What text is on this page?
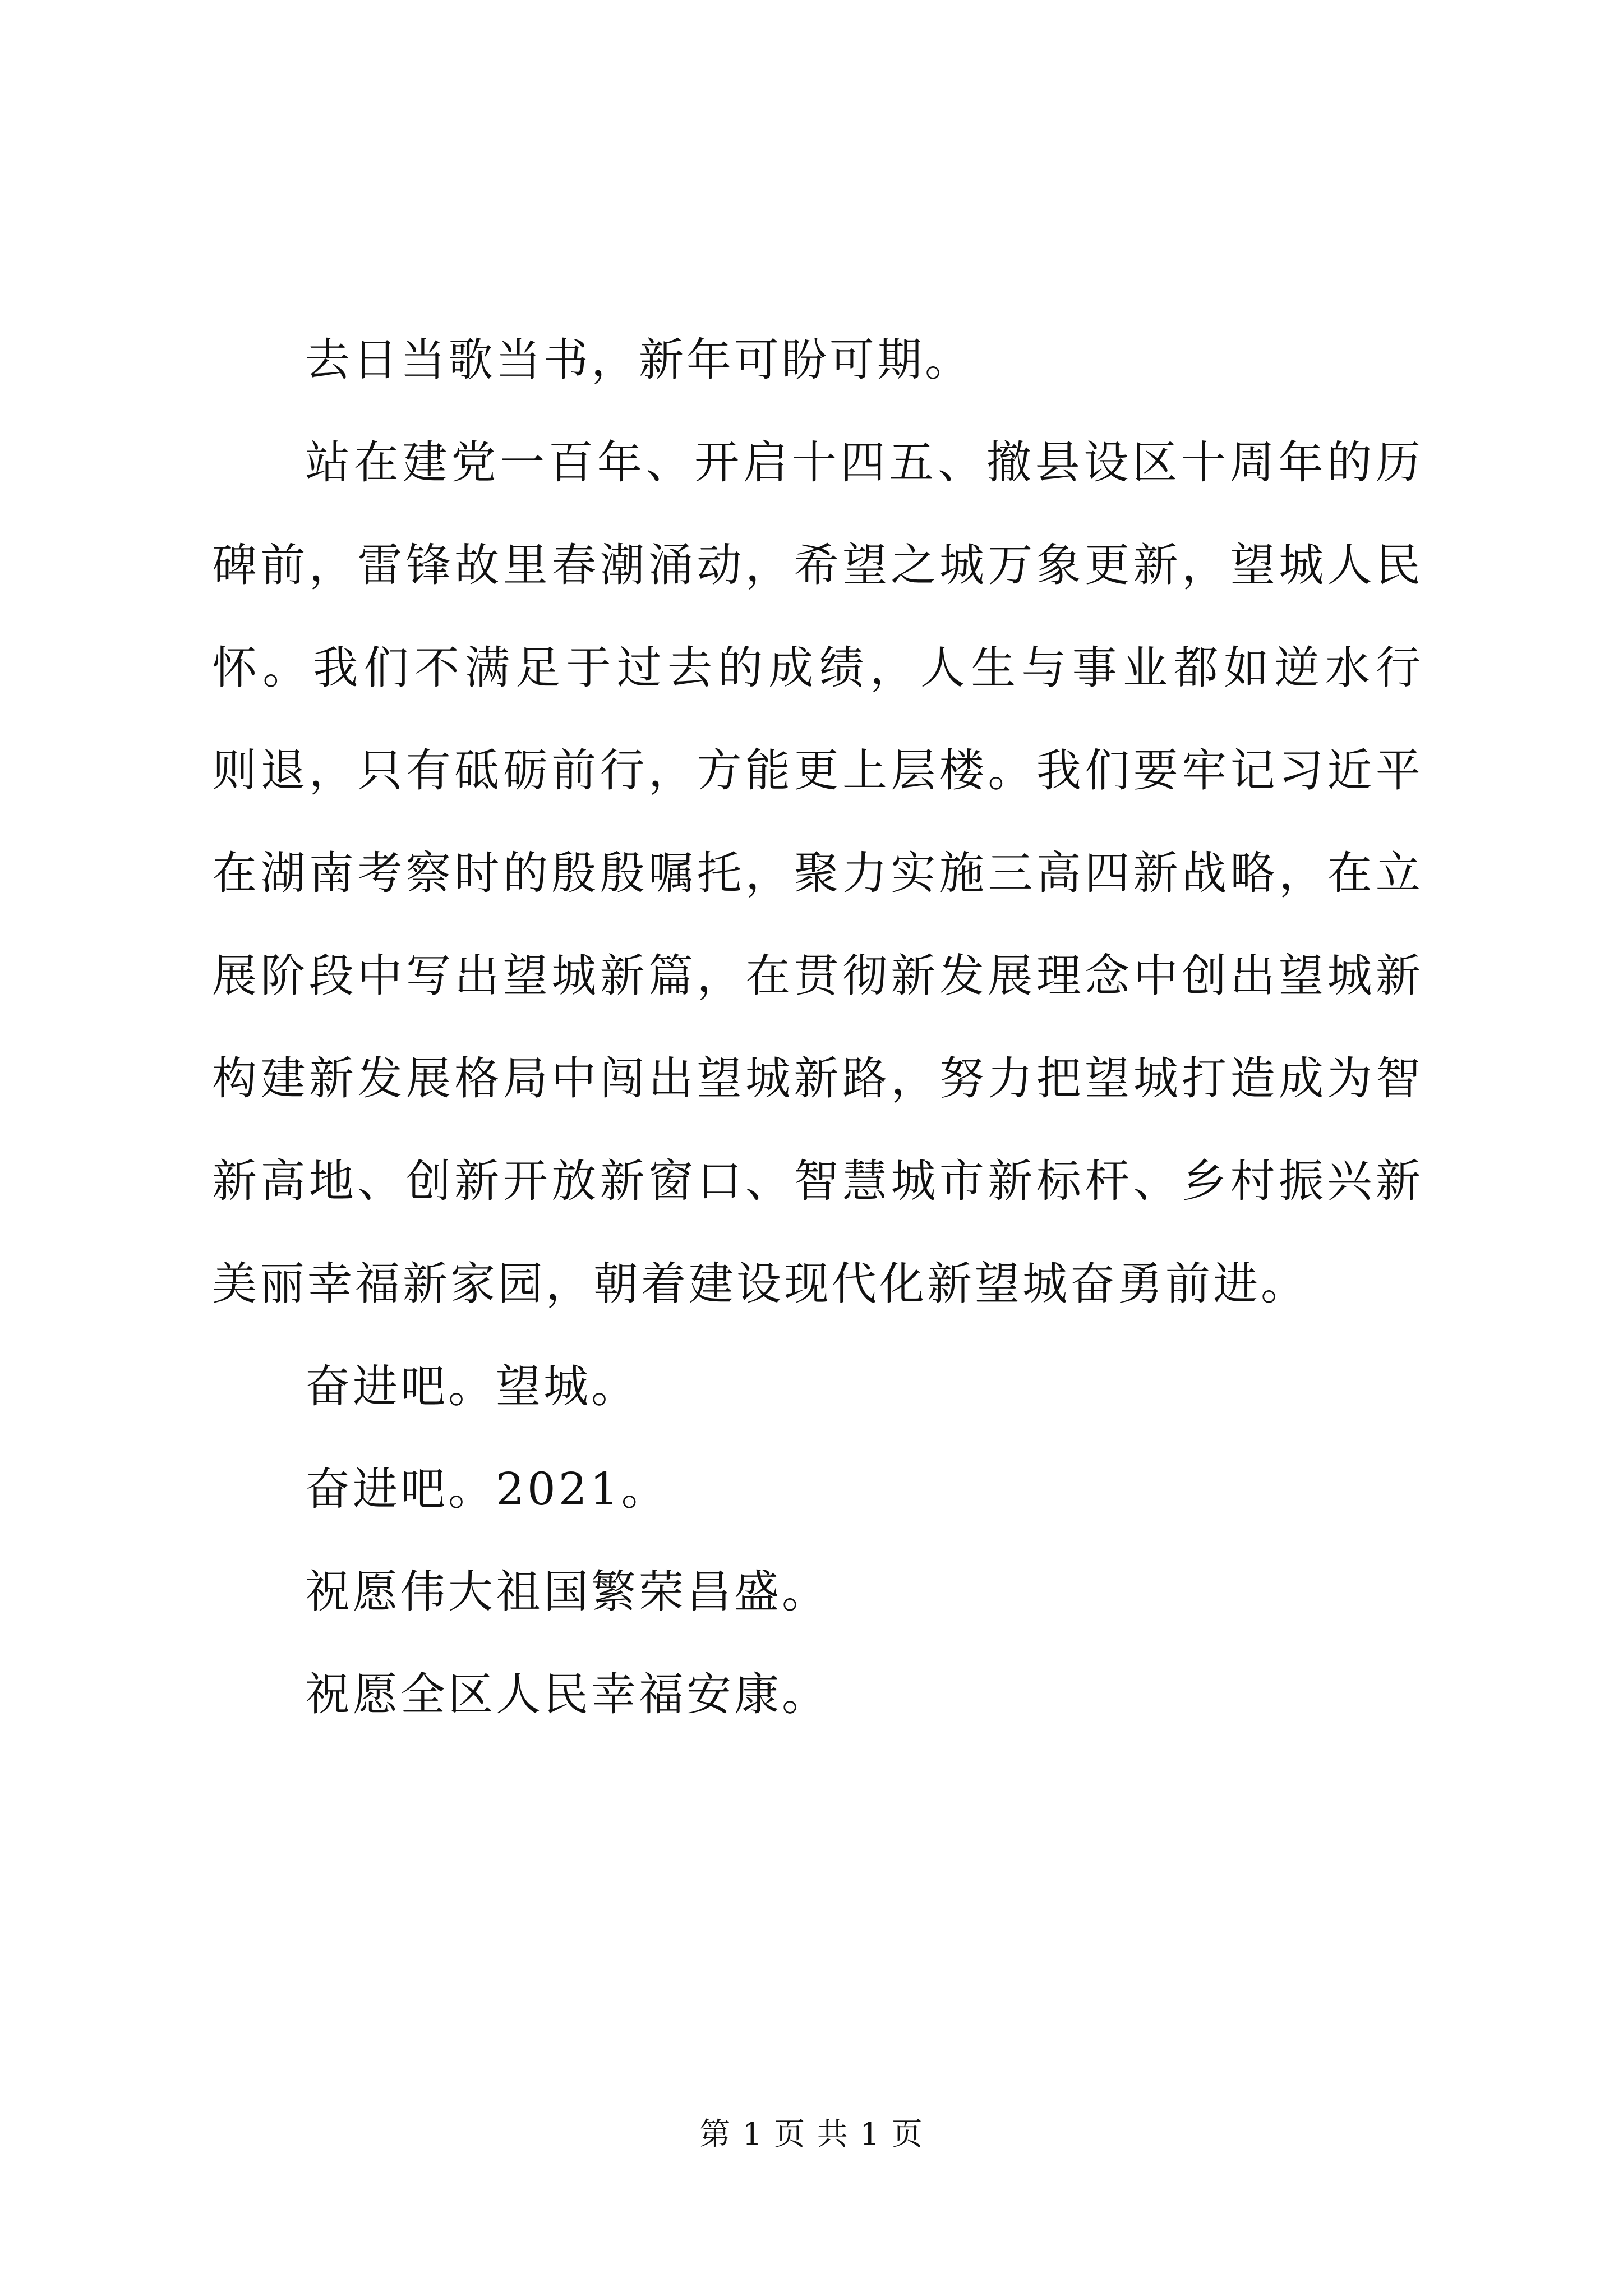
去日当歌当书，新年可盼可期。
站在建党一百年、开启十四五、撤县设区十周年的历
碑前，雷锋故里春潮涌动，希望之城万象更新，望城人民
怀。我们不满足于过去的成绩，人生与事业都如逆水行
则退，只有砥砺前行，方能更上层楼。我们要牢记习近平
在湖南考察时的殷殷嘱托，聚力实施三高四新战略，在立
展阶段中写出望城新篇，在贯彻新发展理念中创出望城新
构建新发展格局中闯出望城新路，努力把望城打造成为智
新高地、创新开放新窗口、智慧城市新标杆、乡村振兴新
美丽幸福新家园，朝着建设现代化新望城奋勇前进。
奋进吧。望城。
奋进吧。2021。
祝愿伟大祖国繁荣昌盛。
祝愿全区人民幸福安康。
第 1 页 共 1 页
